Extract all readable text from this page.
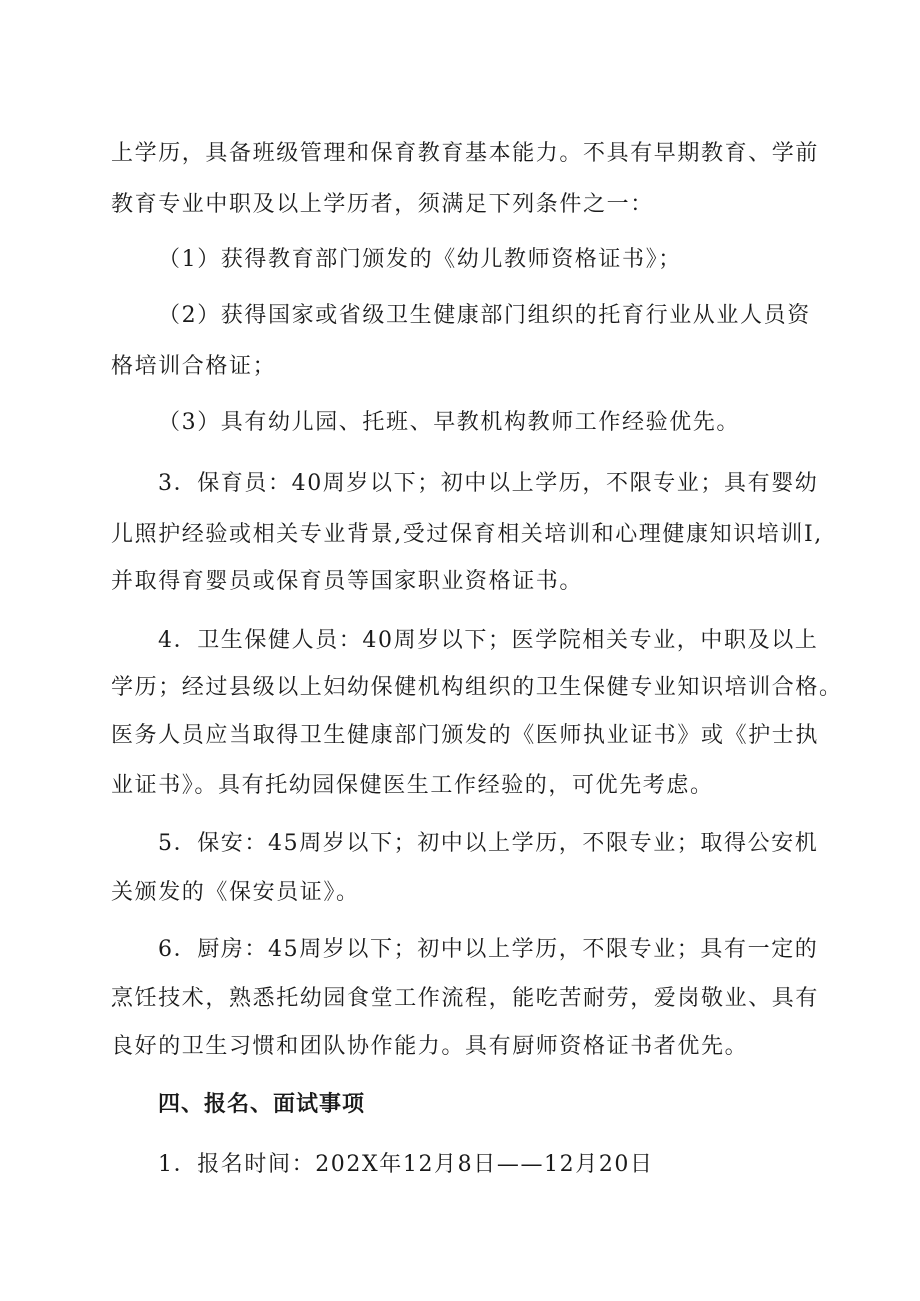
上学历，具备班级管理和保育教育基本能力。不具有早期教育、学前
教育专业中职及以上学历者，须满足下列条件之一：
（1）获得教育部门颁发的《幼儿教师资格证书》；
（2）获得国家或省级卫生健康部门组织的托育行业从业人员资
格培训合格证；
（3）具有幼儿园、托班、早教机构教师工作经验优先。
3．保育员：40周岁以下；初中以上学历，不限专业；具有婴幼
儿照护经验或相关专业背景,受过保育相关培训和心理健康知识培训Ⅰ,
并取得育婴员或保育员等国家职业资格证书。
4．卫生保健人员：40周岁以下；医学院相关专业，中职及以上
学历；经过县级以上妇幼保健机构组织的卫生保健专业知识培训合格。
医务人员应当取得卫生健康部门颁发的《医师执业证书》或《护士执
业证书》。具有托幼园保健医生工作经验的，可优先考虑。
5．保安：45周岁以下；初中以上学历，不限专业；取得公安机
关颁发的《保安员证》。
6．厨房：45周岁以下；初中以上学历，不限专业；具有一定的
烹饪技术，熟悉托幼园食堂工作流程，能吃苦耐劳，爱岗敬业、具有
良好的卫生习惯和团队协作能力。具有厨师资格证书者优先。
四、报名、面试事项
1．报名时间：202X年12月8日——12月20日
